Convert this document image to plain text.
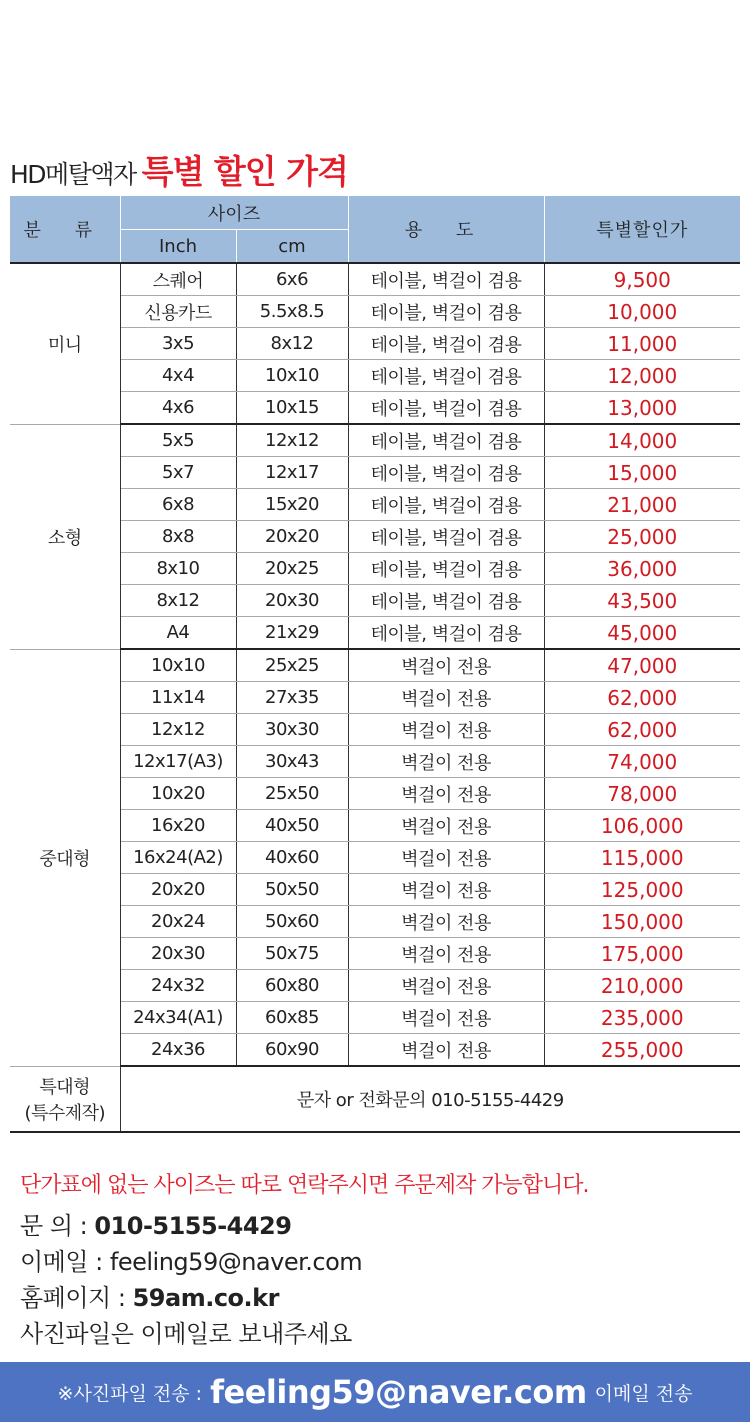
HD메탈액자 특별 할인 가격
분 류	사이즈		용 도	특별할인가
	Inch	cm		
미니	스퀘어	6x6	테이블, 벽걸이 겸용	9,500
	신용카드	5.5x8.5	테이블, 벽걸이 겸용	10,000
	3x5	8x12	테이블, 벽걸이 겸용	11,000
	4x4	10x10	테이블, 벽걸이 겸용	12,000
	4x6	10x15	테이블, 벽걸이 겸용	13,000
소형	5x5	12x12	테이블, 벽걸이 겸용	14,000
	5x7	12x17	테이블, 벽걸이 겸용	15,000
	6x8	15x20	테이블, 벽걸이 겸용	21,000
	8x8	20x20	테이블, 벽걸이 겸용	25,000
	8x10	20x25	테이블, 벽걸이 겸용	36,000
	8x12	20x30	테이블, 벽걸이 겸용	43,500
	A4	21x29	테이블, 벽걸이 겸용	45,000
중대형	10x10	25x25	벽걸이 전용	47,000
	11x14	27x35	벽걸이 전용	62,000
	12x12	30x30	벽걸이 전용	62,000
	12x17(A3)	30x43	벽걸이 전용	74,000
	10x20	25x50	벽걸이 전용	78,000
	16x20	40x50	벽걸이 전용	106,000
	16x24(A2)	40x60	벽걸이 전용	115,000
	20x20	50x50	벽걸이 전용	125,000
	20x24	50x60	벽걸이 전용	150,000
	20x30	50x75	벽걸이 전용	175,000
	24x32	60x80	벽걸이 전용	210,000
	24x34(A1)	60x85	벽걸이 전용	235,000
	24x36	60x90	벽걸이 전용	255,000

특대형
(특수제작)	문자 or 전화문의 010-5155-4429			
단가표에 없는 사이즈는 따로 연락주시면 주문제작 가능합니다.
문 의 : 010-5155-4429
이메일 : feeling59@naver.com
홈페이지 : 59am.co.kr
사진파일은 이메일로 보내주세요
※사진파일 전송 : feeling59@naver.com 이메일 전송
